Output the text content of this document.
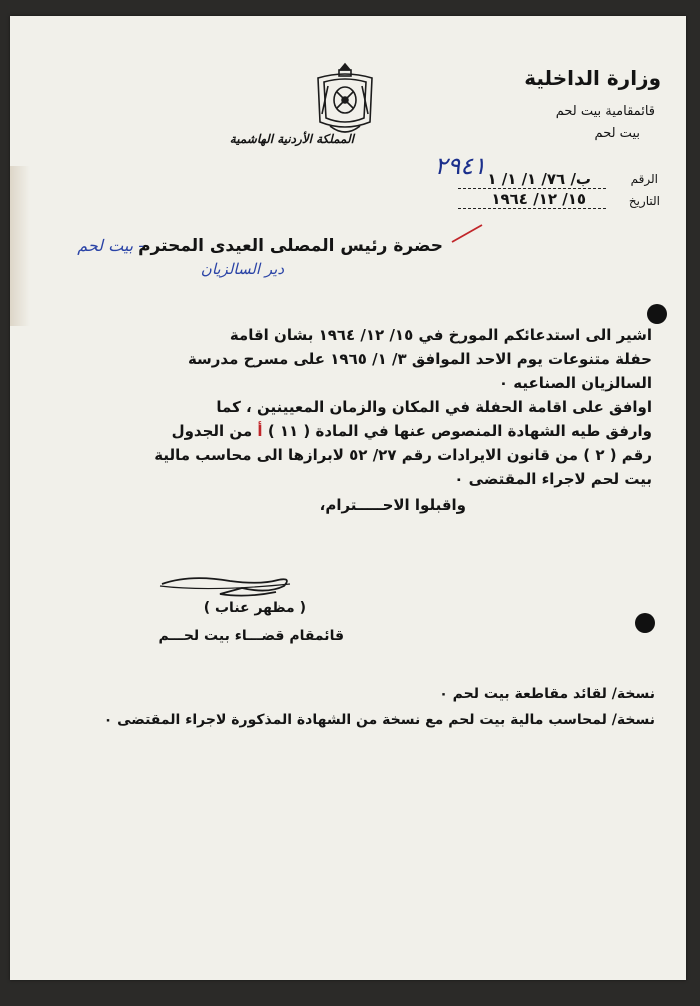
المملكة الأردنية الهاشمية
وزارة الداخلية
قائمقامية بيت لحم
بيت لحم
٢٩٤١	الرقم
ب/ ٧٦/ ١/ ١/ ١
التاريخ
١٥/ ١٢/ ١٩٦٤
حضرة رئيس المصلى العيدى المحترم
- بيت لحم
دير السالزيان
اشير الى استدعائكم المورخ في ١٥/ ١٢/ ١٩٦٤ بشان اقامة
حفلة متنوعات يوم الاحد الموافق ٣/ ١/ ١٩٦٥ على مسرح مدرسة
السالزيان الصناعيه ٠
اوافق على اقامة الحفلة في المكان والزمان المعيينين ، كما
وارفق طيه الشهادة المنصوص عنها في المادة ( ١١ ) أ من الجدول
رقم ( ٢ ) من قانون الايرادات رقم ٢٧/ ٥٢ لابرازها الى محاسب مالية
بيت لحم لاجراء المقتضى ٠
واقبلوا الاحـــــترام،
( مظهر عناب )
قائمقام قضـــاء بيت لحـــم
نسخة/ لقائد مقاطعة بيت لحم ٠
نسخة/ لمحاسب مالية بيت لحم مع نسخة من الشهادة المذكورة لاجراء المقتضى ٠
